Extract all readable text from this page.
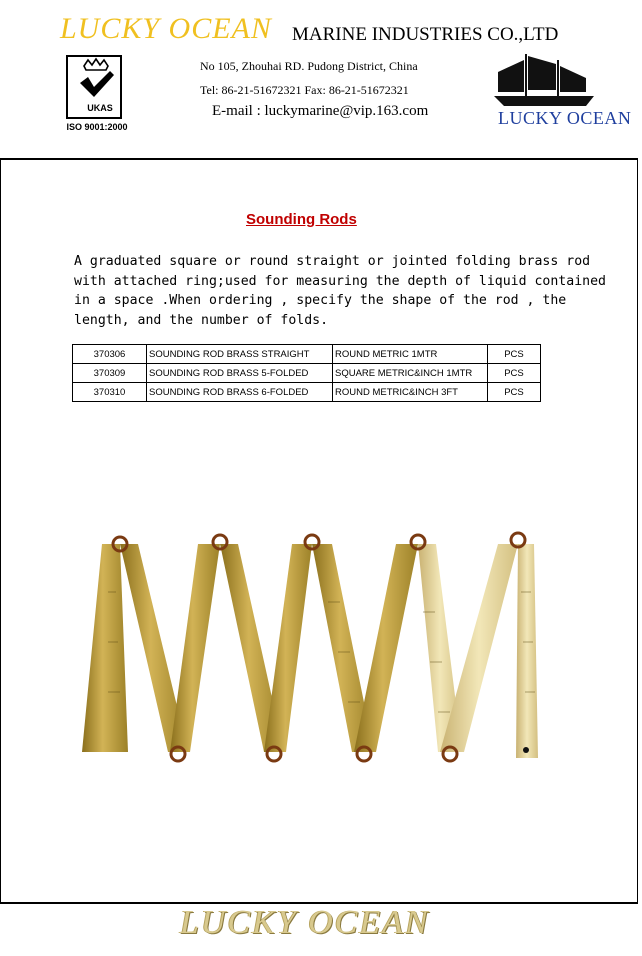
LUCKY OCEAN MARINE INDUSTRIES CO.,LTD
No 105, Zhouhai RD. Pudong District, China
Tel: 86-21-51672321 Fax: 86-21-51672321
E-mail : luckymarine@vip.163.com
UKAS
ISO 9001:2000	LUCKY OCEAN
Sounding Rods
A graduated square or round straight or jointed folding brass rod with attached ring;used for measuring the depth of liquid contained in a space .When ordering , specify the shape of the rod , the length, and the number of folds.
370306	SOUNDING ROD BRASS STRAIGHT	ROUND METRIC 1MTR	PCS
370309	SOUNDING ROD BRASS 5-FOLDED	SQUARE METRIC&INCH 1MTR	PCS
370310	SOUNDING ROD BRASS 6-FOLDED	ROUND METRIC&INCH 3FT	PCS
LUCKY OCEAN
